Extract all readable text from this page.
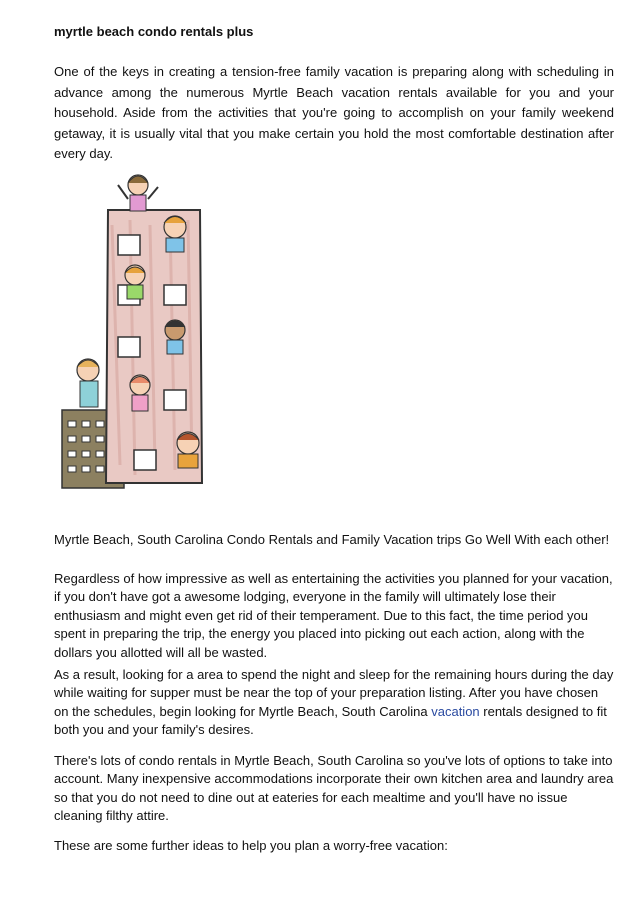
myrtle beach condo rentals plus

One of the keys in creating a tension-free family vacation is preparing along with scheduling in advance among the numerous Myrtle Beach vacation rentals available for you and your household. Aside from the activities that you're going to accomplish on your family weekend getaway, it is usually vital that you make certain you hold the most comfortable destination after every day.

Myrtle Beach, South Carolina Condo Rentals and Family Vacation trips Go Well With each other!

Regardless of how impressive as well as entertaining the activities you planned for your vacation, if you don't have got a awesome lodging, everyone in the family will ultimately lose their enthusiasm and might even get rid of their temperament. Due to this fact, the time period you spent in preparing the trip, the energy you placed into picking out each action, along with the dollars you allotted will all be wasted.

As a result, looking for a area to spend the night and sleep for the remaining hours during the day while waiting for supper must be near the top of your preparation listing. After you have chosen on the schedules, begin looking for Myrtle Beach, South Carolina vacation rentals designed to fit both you and your family's desires.

There's lots of condo rentals in Myrtle Beach, South Carolina so you've lots of options to take into account. Many inexpensive accommodations incorporate their own kitchen area and laundry area so that you do not need to dine out at eateries for each mealtime and you'll have no issue cleaning filthy attire.

These are some further ideas to help you plan a worry-free vacation:
